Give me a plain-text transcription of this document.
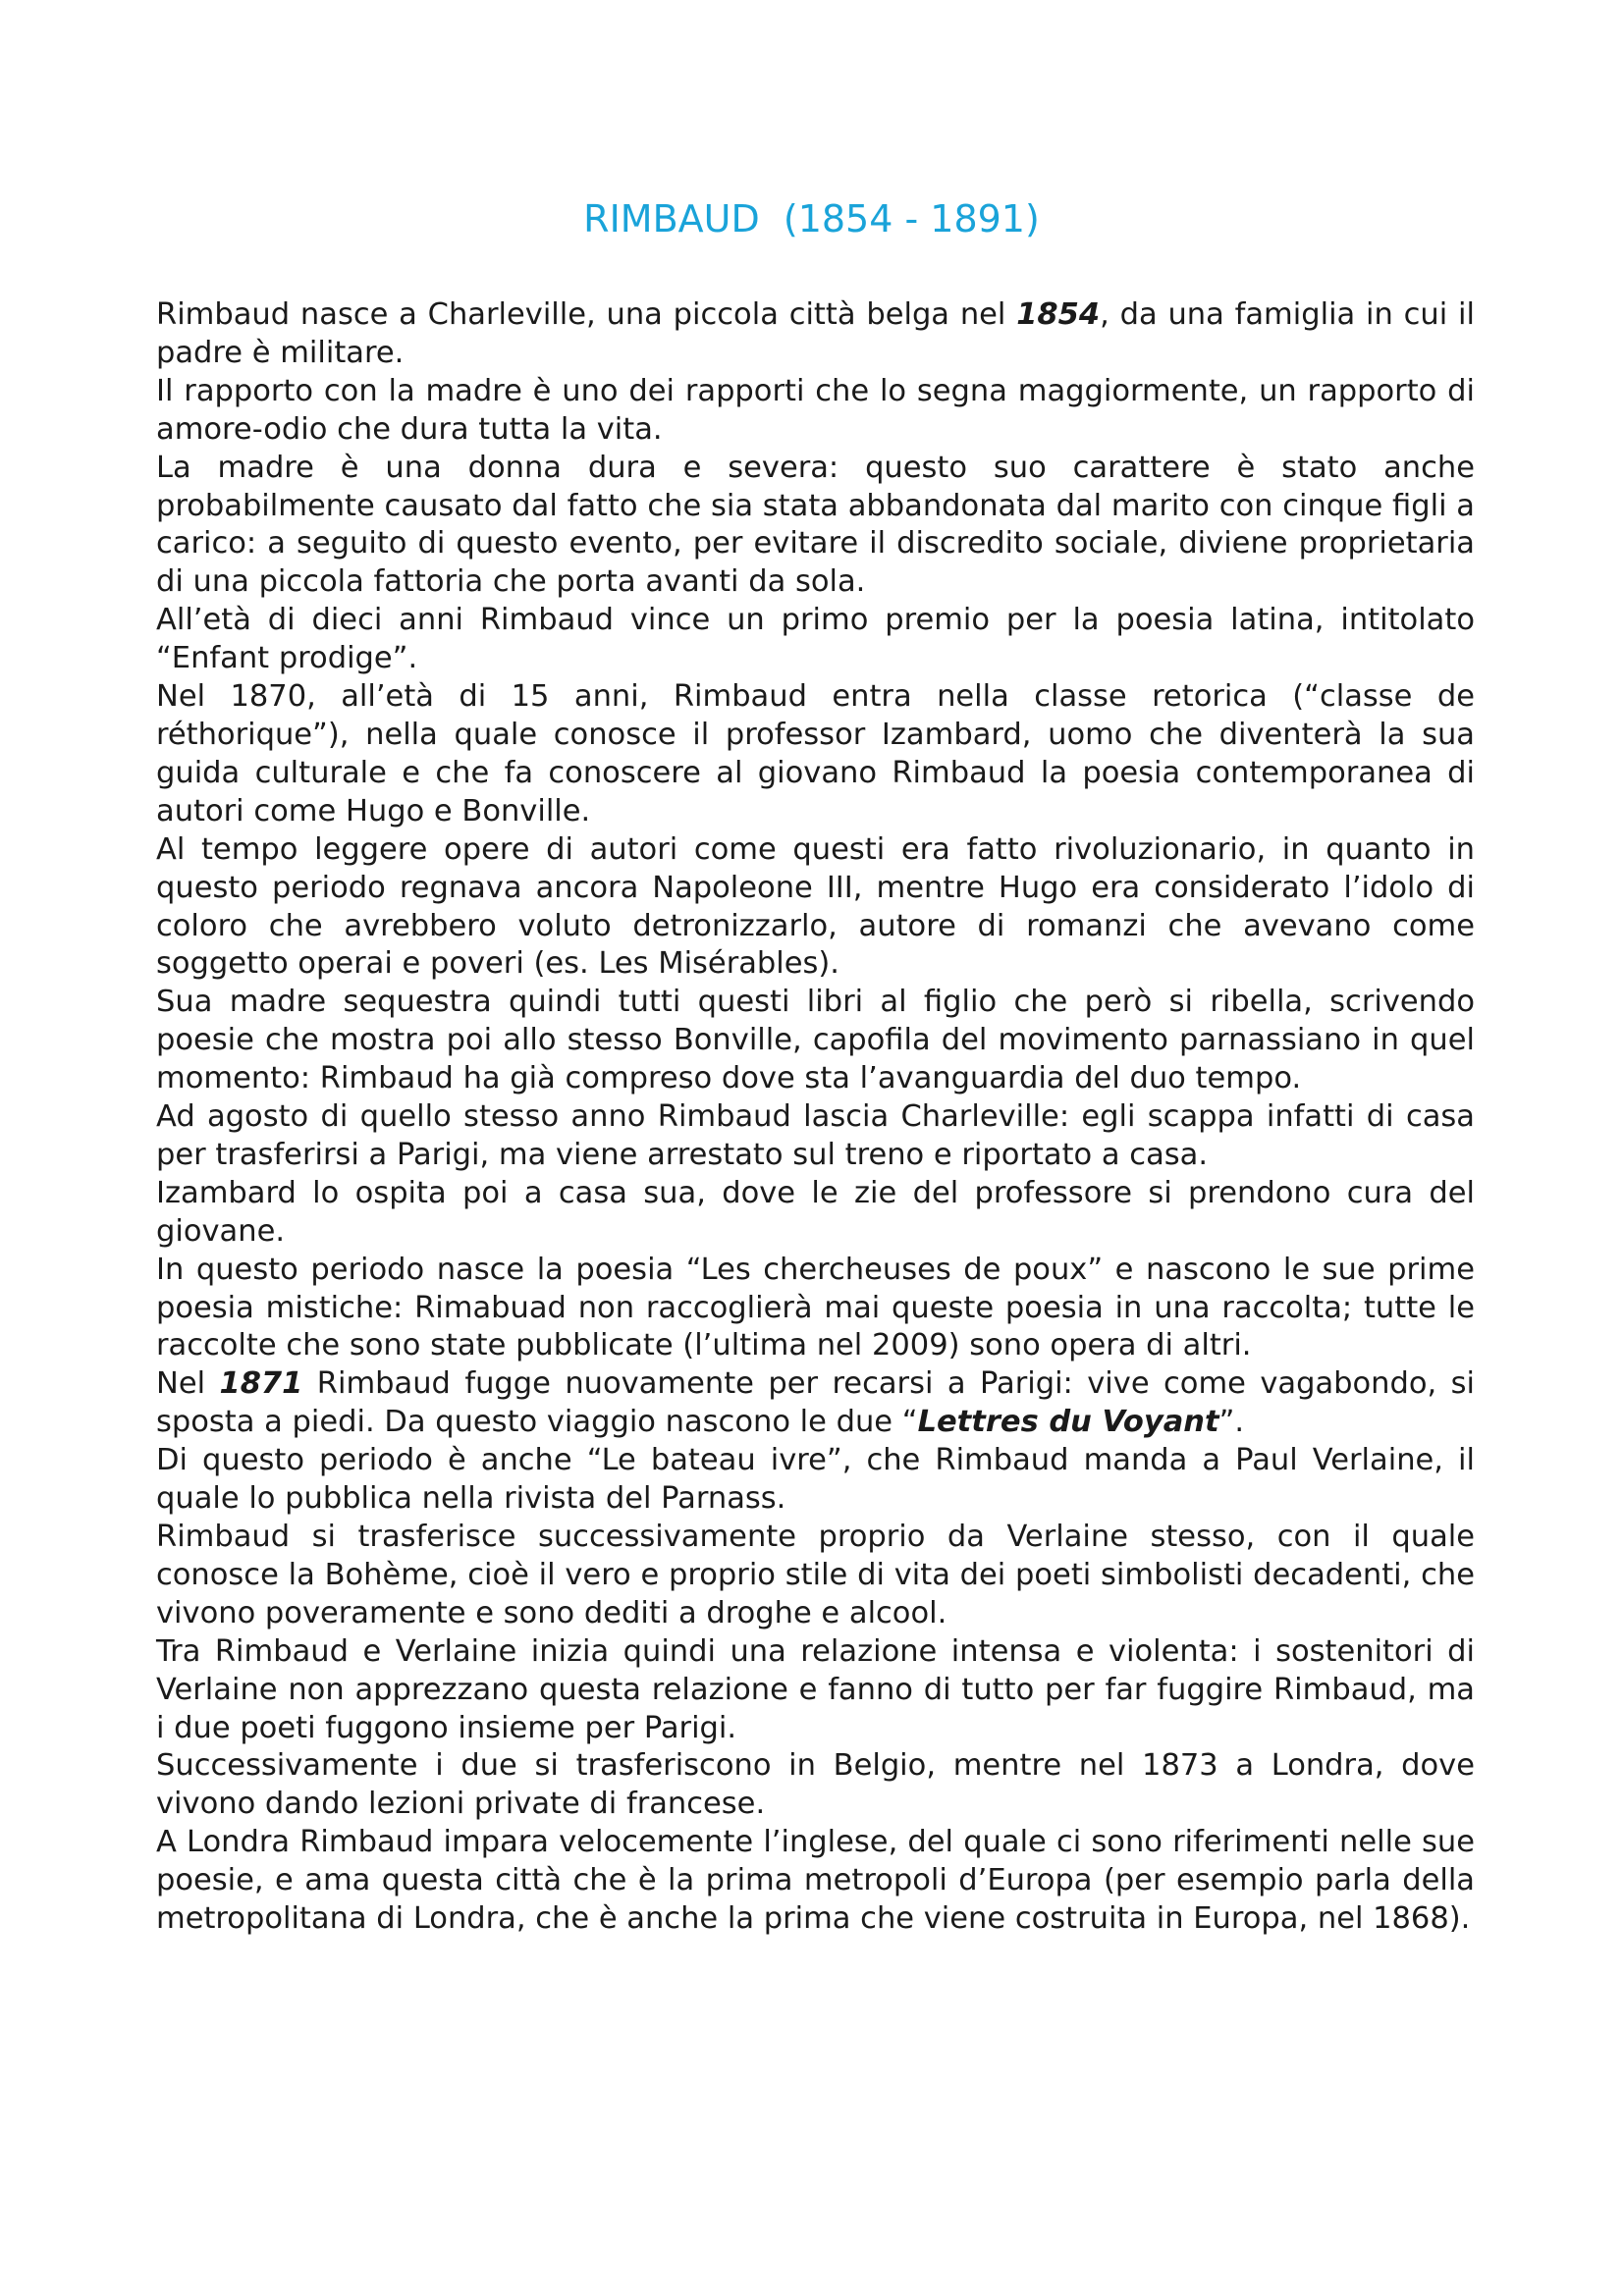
RIMBAUD  (1854 - 1891)

Rimbaud nasce a Charleville, una piccola città belga nel 1854, da una famiglia in cui il padre è militare.

Il rapporto con la madre è uno dei rapporti che lo segna maggiormente, un rapporto di amore-odio che dura tutta la vita.

La madre è una donna dura e severa: questo suo carattere è stato anche probabilmente causato dal fatto che sia stata abbandonata dal marito con cinque figli a carico: a seguito di questo evento, per evitare il discredito sociale, diviene proprietaria di una piccola fattoria che porta avanti da sola.

All’età di dieci anni Rimbaud vince un primo premio per la poesia latina, intitolato “Enfant prodige”.

Nel 1870, all’età di 15 anni, Rimbaud entra nella classe retorica (“classe de réthorique”), nella quale conosce il professor Izambard, uomo che diventerà la sua guida culturale e che fa conoscere al giovano Rimbaud la poesia contemporanea di autori come Hugo e Bonville.

Al tempo leggere opere di autori come questi era fatto rivoluzionario, in quanto in questo periodo regnava ancora Napoleone III, mentre Hugo era considerato l’idolo di coloro che avrebbero voluto detronizzarlo, autore di romanzi che avevano come soggetto operai e poveri (es. Les Misérables).

Sua madre sequestra quindi tutti questi libri al figlio che però si ribella, scrivendo poesie che mostra poi allo stesso Bonville, capofila del movimento parnassiano in quel momento: Rimbaud ha già compreso dove sta l’avanguardia del duo tempo.

Ad agosto di quello stesso anno Rimbaud lascia Charleville: egli scappa infatti di casa per trasferirsi a Parigi, ma viene arrestato sul treno e riportato a casa.

Izambard lo ospita poi a casa sua, dove le zie del professore si prendono cura del giovane.

In questo periodo nasce la poesia “Les chercheuses de poux” e nascono le sue prime poesia mistiche: Rimabuad non raccoglierà mai queste poesia in una raccolta; tutte le raccolte che sono state pubblicate (l’ultima nel 2009) sono opera di altri.

Nel 1871 Rimbaud fugge nuovamente per recarsi a Parigi: vive come vagabondo, si sposta a piedi. Da questo viaggio nascono le due “Lettres du Voyant”.

Di questo periodo è anche “Le bateau ivre”, che Rimbaud manda a Paul Verlaine, il quale lo pubblica nella rivista del Parnass.

Rimbaud si trasferisce successivamente proprio da Verlaine stesso, con il quale conosce la Bohème, cioè il vero e proprio stile di vita dei poeti simbolisti decadenti, che vivono poveramente e sono dediti a droghe e alcool.

Tra Rimbaud e Verlaine inizia quindi una relazione intensa e violenta: i sostenitori di Verlaine non apprezzano questa relazione e fanno di tutto per far fuggire Rimbaud, ma i due poeti fuggono insieme per Parigi.

Successivamente i due si trasferiscono in Belgio, mentre nel 1873 a Londra, dove vivono dando lezioni private di francese.

A Londra Rimbaud impara velocemente l’inglese, del quale ci sono riferimenti nelle sue poesie, e ama questa città che è la prima metropoli d’Europa (per esempio parla della metropolitana di Londra, che è anche la prima che viene costruita in Europa, nel 1868).
